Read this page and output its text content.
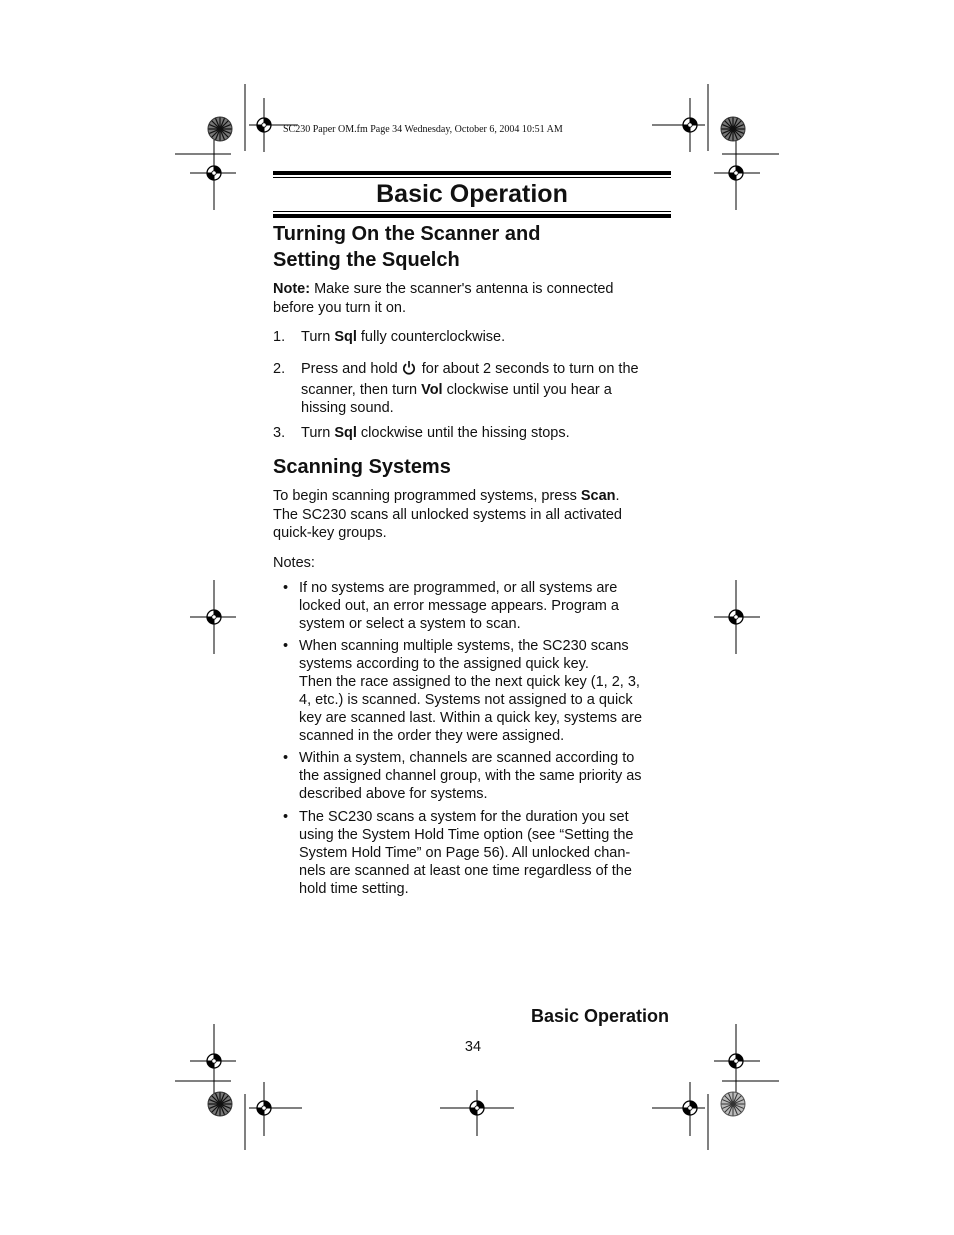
SC230 Paper OM.fm Page 34 Wednesday, October 6, 2004 10:51 AM
Basic Operation
Turning On the Scanner and
Setting the Squelch
Note: Make sure the scanner's antenna is connected
before you turn it on.
1. Turn Sql fully counterclockwise.
2. Press and hold for about 2 seconds to turn on the
scanner, then turn Vol clockwise until you hear a
hissing sound.
3. Turn Sql clockwise until the hissing stops.
Scanning Systems
To begin scanning programmed systems, press Scan.
The SC230 scans all unlocked systems in all activated
quick-key groups.
Notes:
• If no systems are programmed, or all systems are
locked out, an error message appears. Program a
system or select a system to scan.
• When scanning multiple systems, the SC230 scans
systems according to the assigned quick key.
Then the race assigned to the next quick key (1, 2, 3,
4, etc.) is scanned. Systems not assigned to a quick
key are scanned last. Within a quick key, systems are
scanned in the order they were assigned.
• Within a system, channels are scanned according to
the assigned channel group, with the same priority as
described above for systems.
• The SC230 scans a system for the duration you set
using the System Hold Time option (see “Setting the
System Hold Time” on Page 56). All unlocked chan-
nels are scanned at least one time regardless of the
hold time setting.
Basic Operation
34
